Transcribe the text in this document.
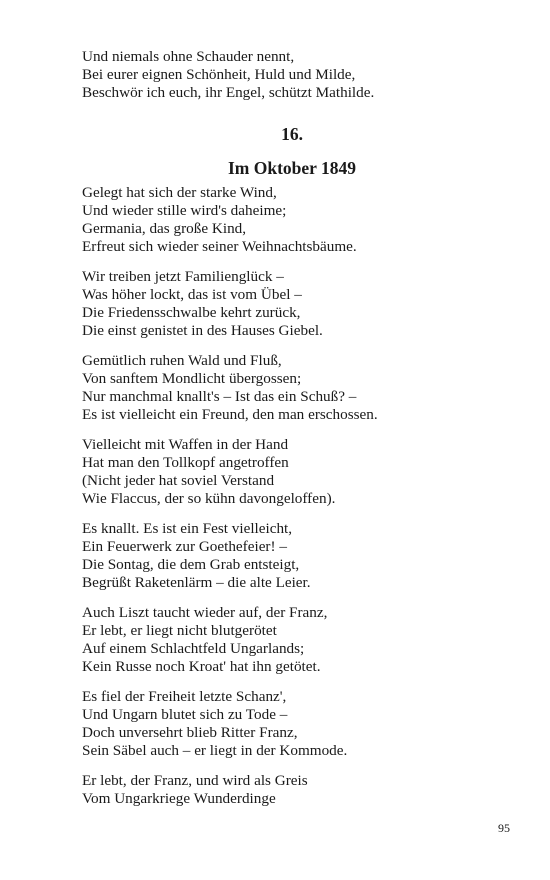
Und niemals ohne Schauder nennt,
Bei eurer eignen Schönheit, Huld und Milde,
Beschwör ich euch, ihr Engel, schützt Mathilde.
16.
Im Oktober 1849
Gelegt hat sich der starke Wind,
Und wieder stille wird's daheime;
Germania, das große Kind,
Erfreut sich wieder seiner Weihnachtsbäume.
Wir treiben jetzt Familienglück –
Was höher lockt, das ist vom Übel –
Die Friedensschwalbe kehrt zurück,
Die einst genistet in des Hauses Giebel.
Gemütlich ruhen Wald und Fluß,
Von sanftem Mondlicht übergossen;
Nur manchmal knallt's – Ist das ein Schuß? –
Es ist vielleicht ein Freund, den man erschossen.
Vielleicht mit Waffen in der Hand
Hat man den Tollkopf angetroffen
(Nicht jeder hat soviel Verstand
Wie Flaccus, der so kühn davongeloffen).
Es knallt. Es ist ein Fest vielleicht,
Ein Feuerwerk zur Goethefeier! –
Die Sontag, die dem Grab entsteigt,
Begrüßt Raketenlärm – die alte Leier.
Auch Liszt taucht wieder auf, der Franz,
Er lebt, er liegt nicht blutgerötet
Auf einem Schlachtfeld Ungarlands;
Kein Russe noch Kroat' hat ihn getötet.
Es fiel der Freiheit letzte Schanz',
Und Ungarn blutet sich zu Tode –
Doch unversehrt blieb Ritter Franz,
Sein Säbel auch – er liegt in der Kommode.
Er lebt, der Franz, und wird als Greis
Vom Ungarkriege Wunderdinge
95
